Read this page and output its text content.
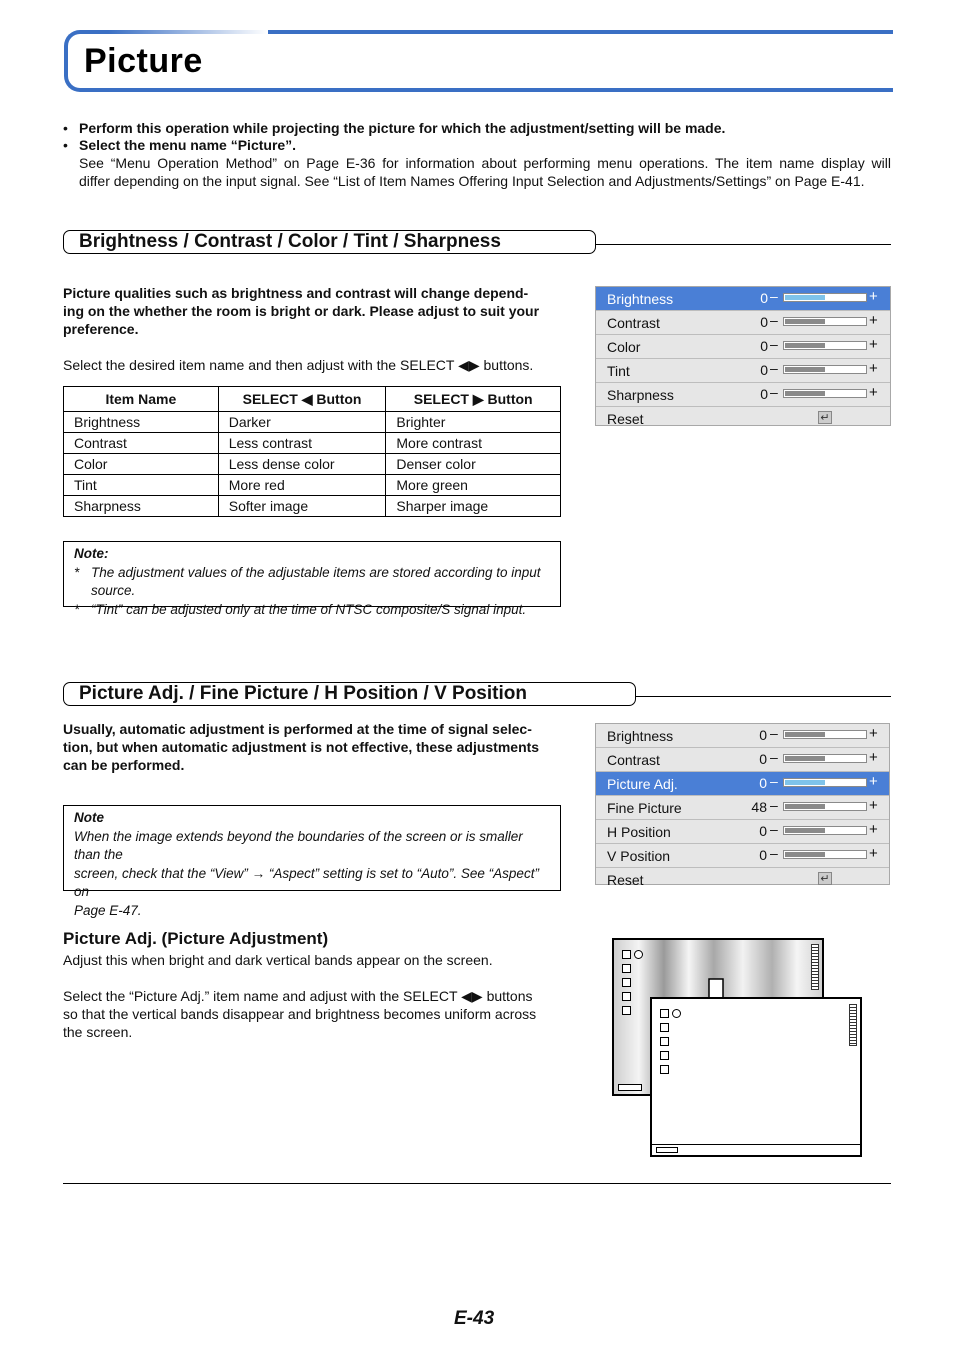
Picture
• Perform this operation while projecting the picture for which the adjustment/setting will be made.
• Select the menu name “Picture”.
See “Menu Operation Method” on Page E-36 for information about performing menu operations. The item name display will
differ depending on the input signal. See “List of Item Names Offering Input Selection and Adjustments/Settings” on Page E-41.
Brightness / Contrast / Color / Tint / Sharpness
Picture qualities such as brightness and contrast will change depend-
ing on the whether the room is bright or dark. Please adjust to suit your
preference.
Select the desired item name and then adjust with the SELECT ◀▶ buttons.
Item Name	SELECT ◀ Button	SELECT ▶ Button
Brightness	Darker	Brighter
Contrast	Less contrast	More contrast
Color	Less dense color	Denser color
Tint	More red	More green
Sharpness	Softer image	Sharper image
Note:
* The adjustment values of the adjustable items are stored according to input source.
* “Tint” can be adjusted only at the time of NTSC composite/S signal input.
Brightness	0 –	+
Contrast	0 –	+
Color	0 –	+
Tint	0 –	+
Sharpness	0 –	+
Reset	↵
Picture Adj. / Fine Picture / H Position / V Position
Usually, automatic adjustment is performed at the time of signal selec-
tion, but when automatic adjustment is not effective, these adjustments
can be performed.
Note
When the image extends beyond the boundaries of the screen or is smaller than the
screen, check that the “View” → “Aspect” setting is set to “Auto”. See “Aspect” on
Page E-47.
Brightness	0 –	+
Contrast	0 –	+
Picture Adj.	0 –	+
Fine Picture	48 –	+
H Position	0 –	+
V Position	0 –	+
Reset	↵
Picture Adj. (Picture Adjustment)
Adjust this when bright and dark vertical bands appear on the screen.
Select the “Picture Adj.” item name and adjust with the SELECT ◀▶ buttons
so that the vertical bands disappear and brightness becomes uniform across
the screen.
E-43
